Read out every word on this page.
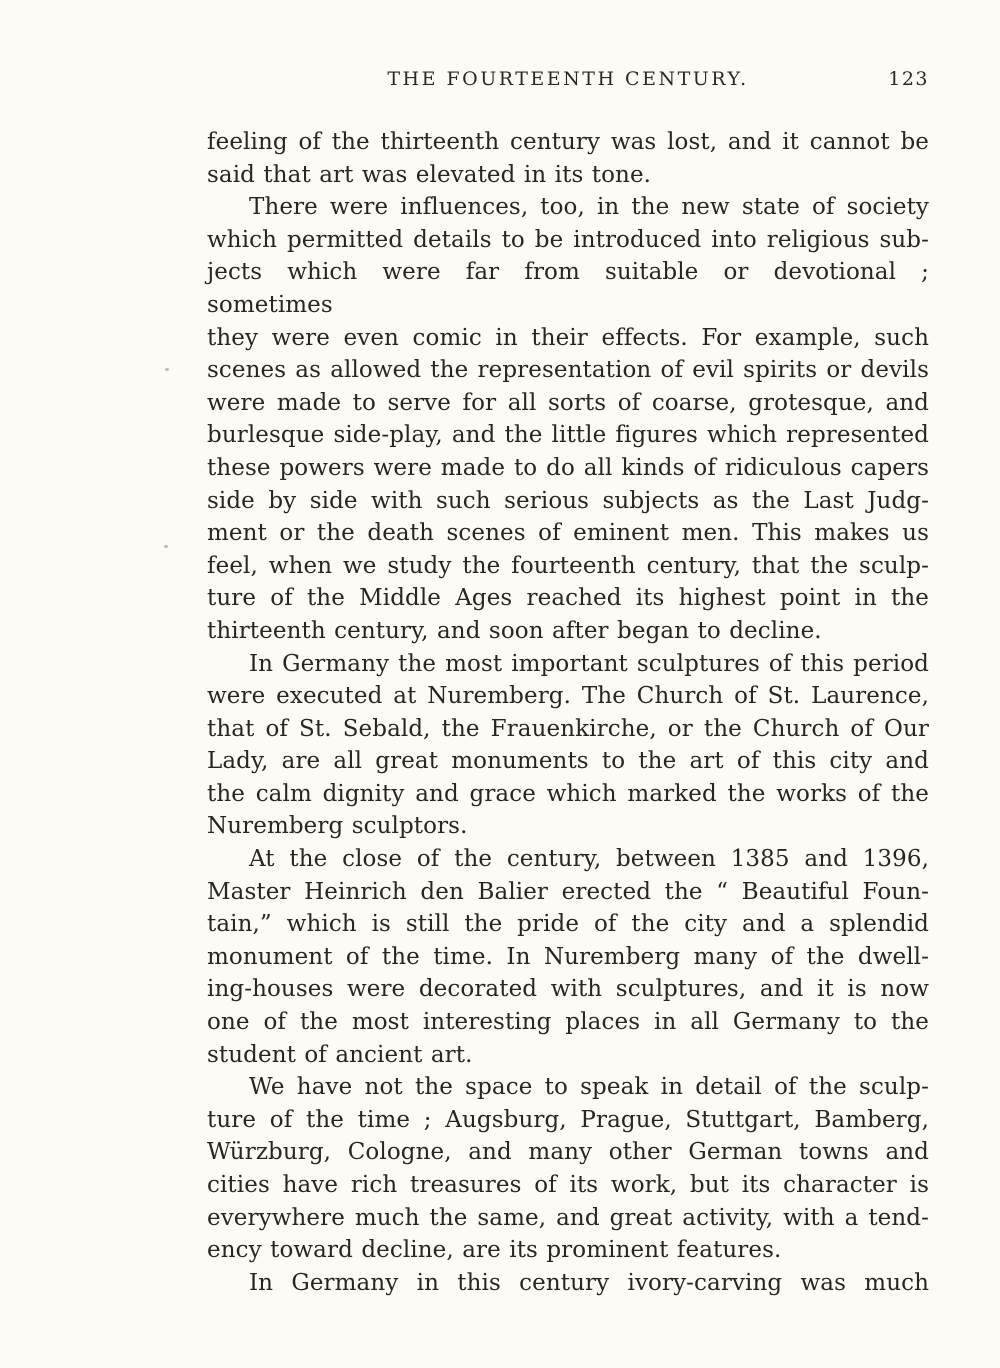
THE FOURTEENTH CENTURY.	123

feeling of the thirteenth century was lost, and it cannot be
said that art was elevated in its tone.

There were influences, too, in the new state of society
which permitted details to be introduced into religious sub-
jects which were far from suitable or devotional ; sometimes
they were even comic in their effects. For example, such
scenes as allowed the representation of evil spirits or devils
were made to serve for all sorts of coarse, grotesque, and
burlesque side-play, and the little figures which represented
these powers were made to do all kinds of ridiculous capers
side by side with such serious subjects as the Last Judg-
ment or the death scenes of eminent men. This makes us
feel, when we study the fourteenth century, that the sculp-
ture of the Middle Ages reached its highest point in the
thirteenth century, and soon after began to decline.

In Germany the most important sculptures of this period
were executed at Nuremberg. The Church of St. Laurence,
that of St. Sebald, the Frauenkirche, or the Church of Our
Lady, are all great monuments to the art of this city and
the calm dignity and grace which marked the works of the
Nuremberg sculptors.

At the close of the century, between 1385 and 1396,
Master Heinrich den Balier erected the “ Beautiful Foun-
tain,” which is still the pride of the city and a splendid
monument of the time. In Nuremberg many of the dwell-
ing-houses were decorated with sculptures, and it is now
one of the most interesting places in all Germany to the
student of ancient art.

We have not the space to speak in detail of the sculp-
ture of the time ; Augsburg, Prague, Stuttgart, Bamberg,
Würzburg, Cologne, and many other German towns and
cities have rich treasures of its work, but its character is
everywhere much the same, and great activity, with a tend-
ency toward decline, are its prominent features.

In Germany in this century ivory-carving was much
